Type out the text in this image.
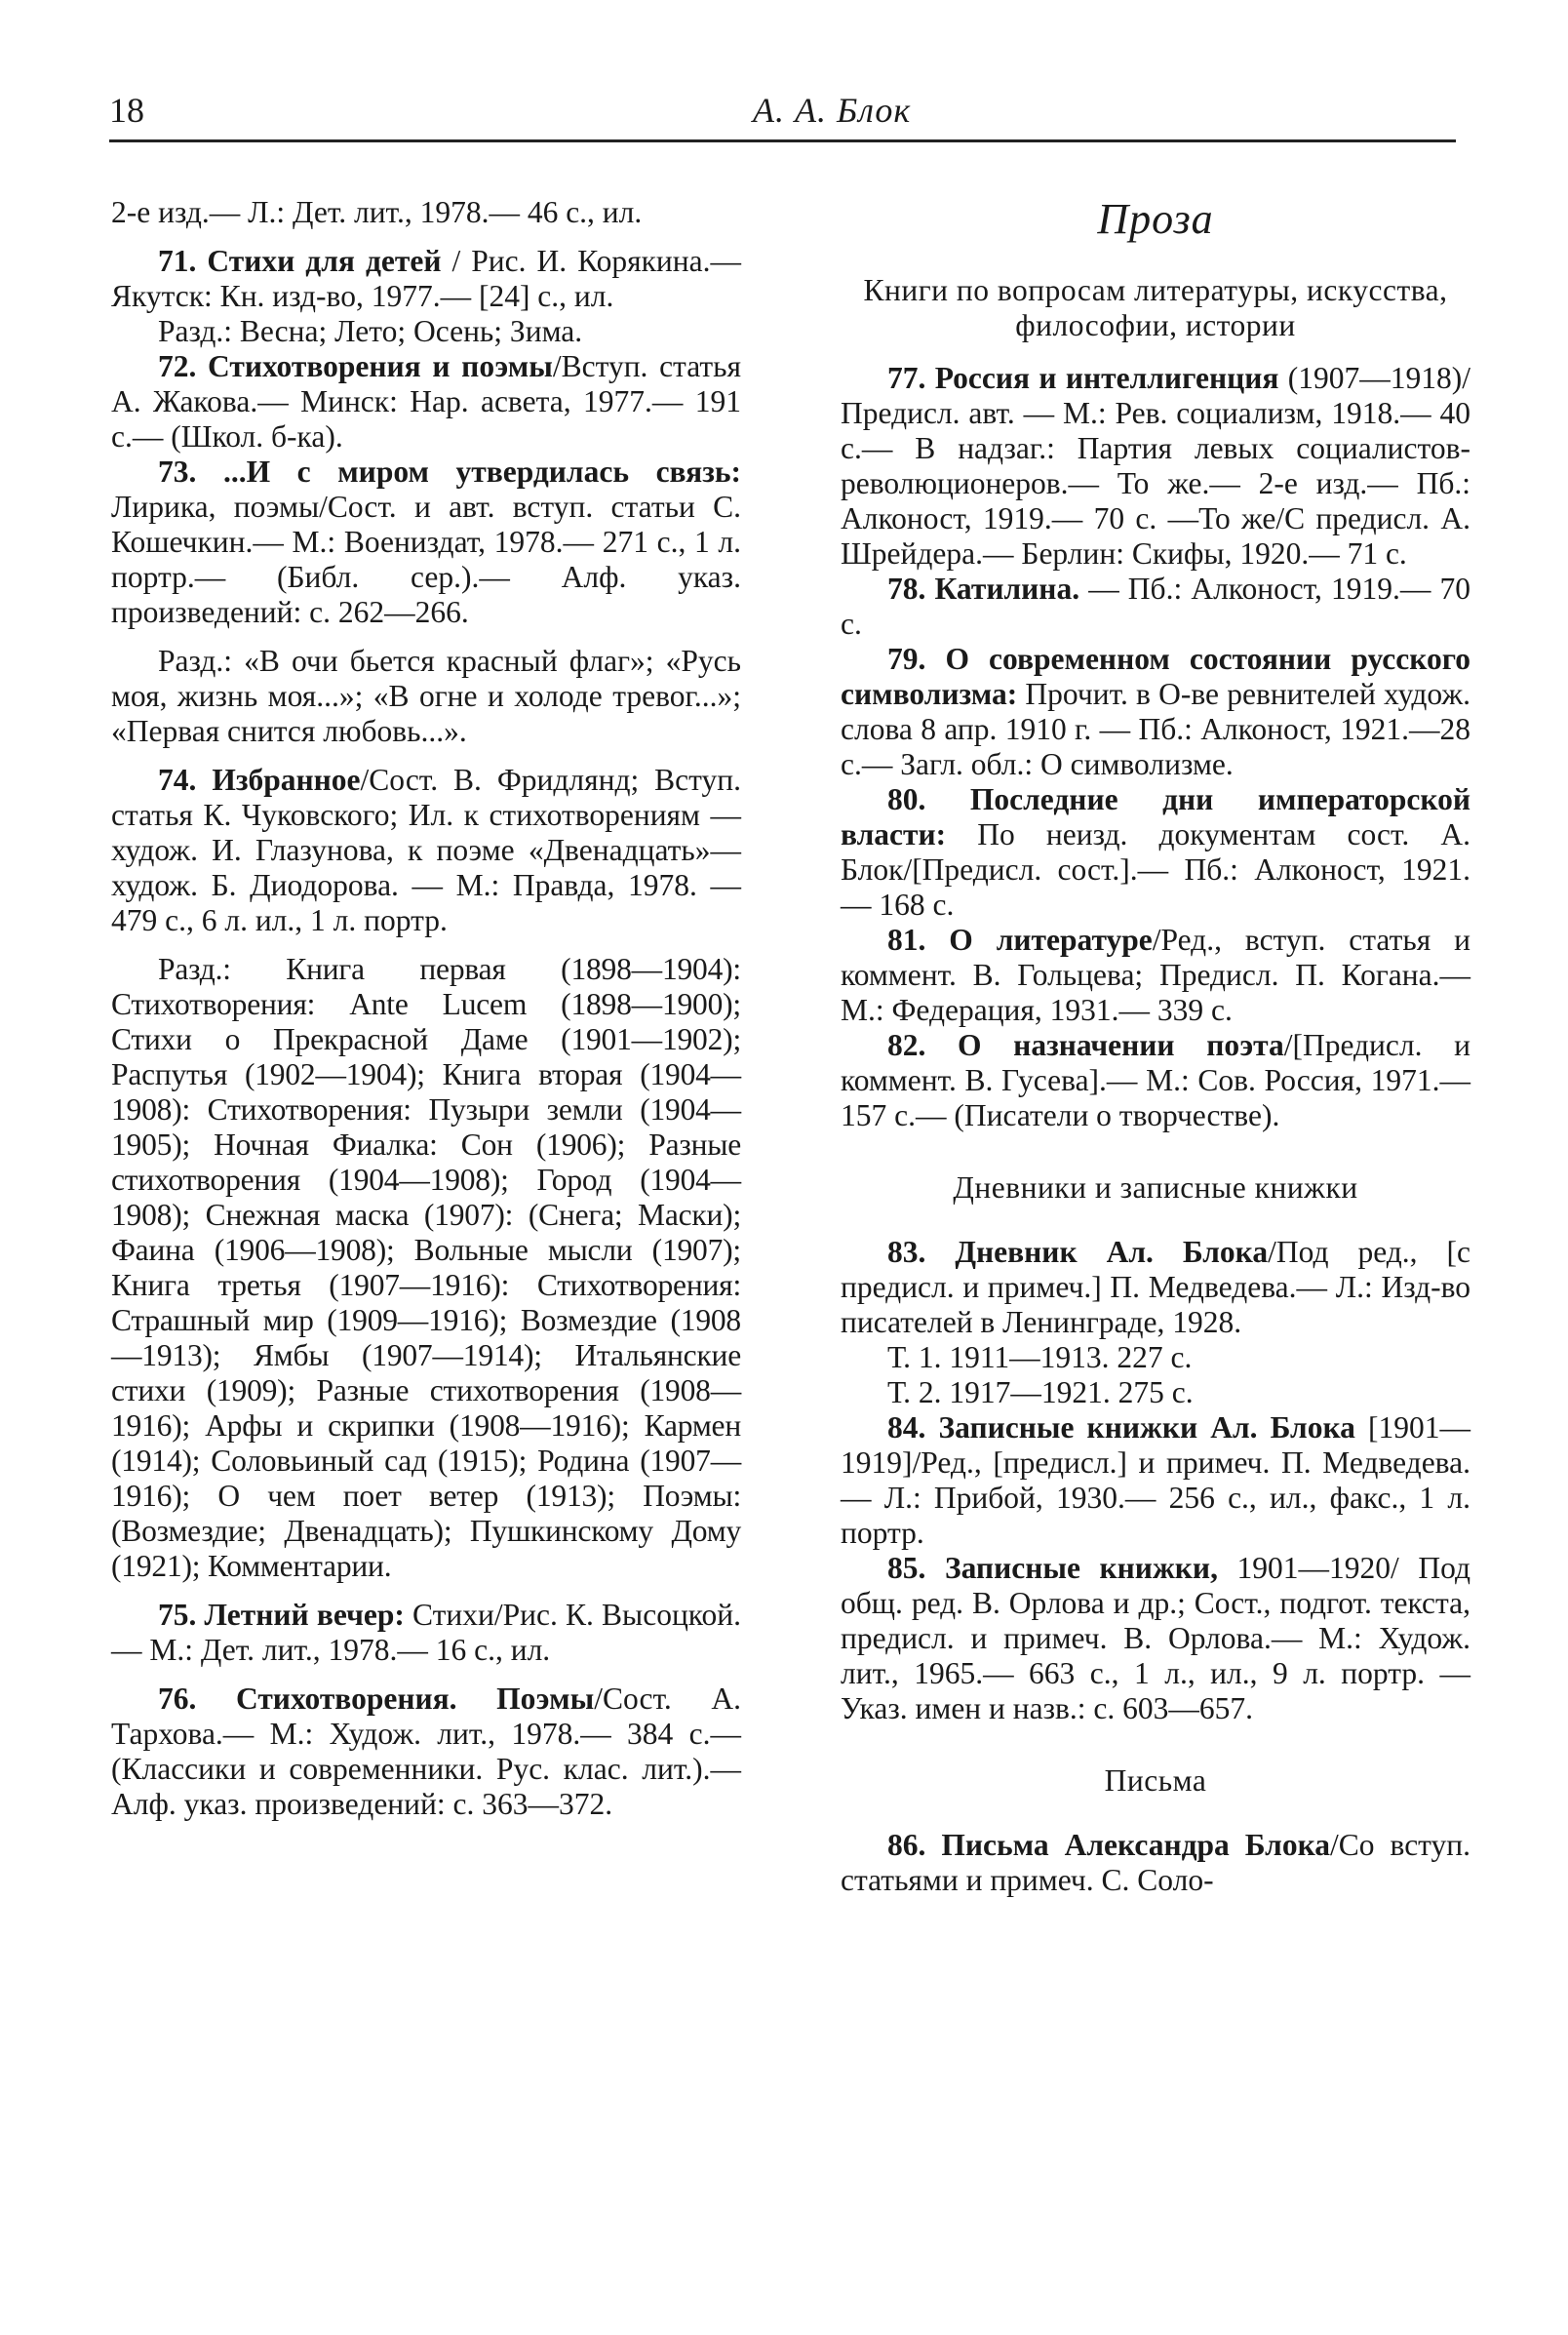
18	А. А. Блок

2-е изд.— Л.: Дет. лит., 1978.— 46 с., ил.

71. Стихи для детей / Рис. И. Корякина.— Якутск: Кн. изд-во, 1977.— [24] с., ил.

Разд.: Весна; Лето; Осень; Зима.

72. Стихотворения и поэмы/Вступ. статья А. Жакова.— Минск: Нар. асвета, 1977.— 191 с.— (Школ. б-ка).

73. ...И с миром утвердилась связь: Лирика, поэмы/Сост. и авт. вступ. статьи С. Кошечкин.— М.: Воениздат, 1978.— 271 с., 1 л. портр.— (Библ. сер.).— Алф. указ. произведений: с. 262—266.

Разд.: «В очи бьется красный флаг»; «Русь моя, жизнь моя...»; «В огне и холоде тревог...»; «Первая снится любовь...».

74. Избранное/Сост. В. Фридлянд; Вступ. статья К. Чуковского; Ил. к стихотворениям — худож. И. Глазунова, к поэме «Двенадцать»—худож. Б. Диодорова. — М.: Правда, 1978. — 479 с., 6 л. ил., 1 л. портр.

Разд.: Книга первая (1898—1904): Стихотворения: Ante Lucem (1898—1900); Стихи о Прекрасной Даме (1901—1902); Распутья (1902—1904); Книга вторая (1904—1908): Стихотворения: Пузыри земли (1904—1905); Ночная Фиалка: Сон (1906); Разные стихотворения (1904—1908); Город (1904—1908); Снежная маска (1907): (Снега; Маски); Фаина (1906—1908); Вольные мысли (1907); Книга третья (1907—1916): Стихотворения: Страшный мир (1909—1916); Возмездие (1908—1913); Ямбы (1907—1914); Итальянские стихи (1909); Разные стихотворения (1908—1916); Арфы и скрипки (1908—1916); Кармен (1914); Соловьиный сад (1915); Родина (1907—1916); О чем поет ветер (1913); Поэмы: (Возмездие; Двенадцать); Пушкинскому Дому (1921); Комментарии.

75. Летний вечер: Стихи/Рис. К. Высоцкой. — М.: Дет. лит., 1978.— 16 с., ил.

76. Стихотворения. Поэмы/Сост. А. Тархова.— М.: Худож. лит., 1978.— 384 с.— (Классики и современники. Рус. клас. лит.).— Алф. указ. произведений: с. 363—372.

Проза
Книги по вопросам литературы, искусства, философии, истории

77. Россия и интеллигенция (1907—1918)/Предисл. авт. — М.: Рев. социализм, 1918.— 40 с.— В надзаг.: Партия левых социалистов-революционеров.— То же.— 2-е изд.— Пб.: Алконост, 1919.— 70 с. —То же/С предисл. А. Шрейдера.— Берлин: Скифы, 1920.— 71 с.

78. Катилина. — Пб.: Алконост, 1919.— 70 с.

79. О современном состоянии русского символизма: Прочит. в О-ве ревнителей худож. слова 8 апр. 1910 г. — Пб.: Алконост, 1921.—28 с.— Загл. обл.: О символизме.

80. Последние дни императорской власти: По неизд. документам сост. А. Блок/[Предисл. сост.].— Пб.: Алконост, 1921. — 168 с.

81. О литературе/Ред., вступ. статья и коммент. В. Гольцева; Предисл. П. Когана.— М.: Федерация, 1931.— 339 с.

82. О назначении поэта/[Предисл. и коммент. В. Гусева].— М.: Сов. Россия, 1971.— 157 с.— (Писатели о творчестве).

Дневники и записные книжки

83. Дневник Ал. Блока/Под ред., [с предисл. и примеч.] П. Медведева.— Л.: Изд-во писателей в Ленинграде, 1928.

Т. 1. 1911—1913. 227 с.

Т. 2. 1917—1921. 275 с.

84. Записные книжки Ал. Блока [1901—1919]/Ред., [предисл.] и примеч. П. Медведева.— Л.: Прибой, 1930.— 256 с., ил., факс., 1 л. портр.

85. Записные книжки, 1901—1920/ Под общ. ред. В. Орлова и др.; Сост., подгот. текста, предисл. и примеч. В. Орлова.— М.: Худож. лит., 1965.— 663 с., 1 л., ил., 9 л. портр. — Указ. имен и назв.: с. 603—657.

Письма

86. Письма Александра Блока/Со вступ. статьями и примеч. С. Соло-
